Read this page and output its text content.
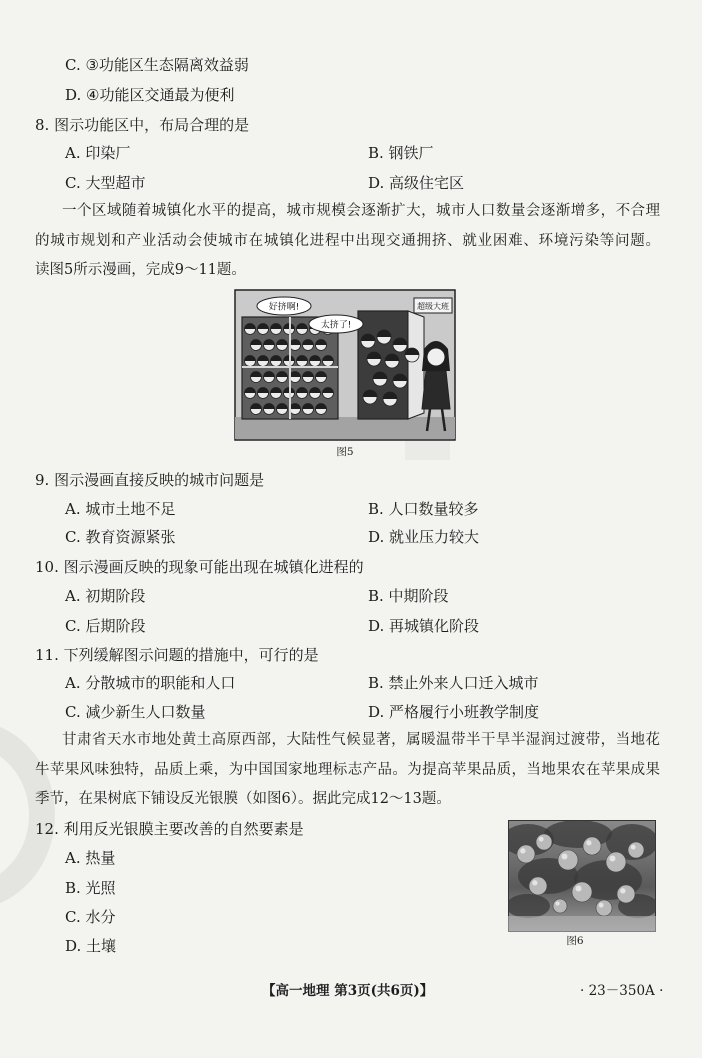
C. ③功能区生态隔离效益弱
D. ④功能区交通最为便利
8. 图示功能区中，布局合理的是
A. 印染厂	B. 钢铁厂
C. 大型超市	D. 高级住宅区
一个区域随着城镇化水平的提高，城市规模会逐渐扩大，城市人口数量会逐渐增多，不合理
的城市规划和产业活动会使城市在城镇化进程中出现交通拥挤、就业困难、环境污染等问题。
读图5所示漫画，完成9～11题。
超级大班
好挤啊!
太挤了!
图5
9. 图示漫画直接反映的城市问题是
A. 城市土地不足	B. 人口数量较多
C. 教育资源紧张	D. 就业压力较大
10. 图示漫画反映的现象可能出现在城镇化进程的
A. 初期阶段	B. 中期阶段
C. 后期阶段	D. 再城镇化阶段
11. 下列缓解图示问题的措施中，可行的是
A. 分散城市的职能和人口	B. 禁止外来人口迁入城市
C. 减少新生人口数量	D. 严格履行小班教学制度
甘肃省天水市地处黄土高原西部，大陆性气候显著，属暖温带半干旱半湿润过渡带，当地花
牛苹果风味独特，品质上乘，为中国国家地理标志产品。为提高苹果品质，当地果农在苹果成果
季节，在果树底下铺设反光银膜（如图6）。据此完成12～13题。
12. 利用反光银膜主要改善的自然要素是
A. 热量
B. 光照
C. 水分
D. 土壤	图6
【高一地理 第3页(共6页)】	· 23－350A ·
